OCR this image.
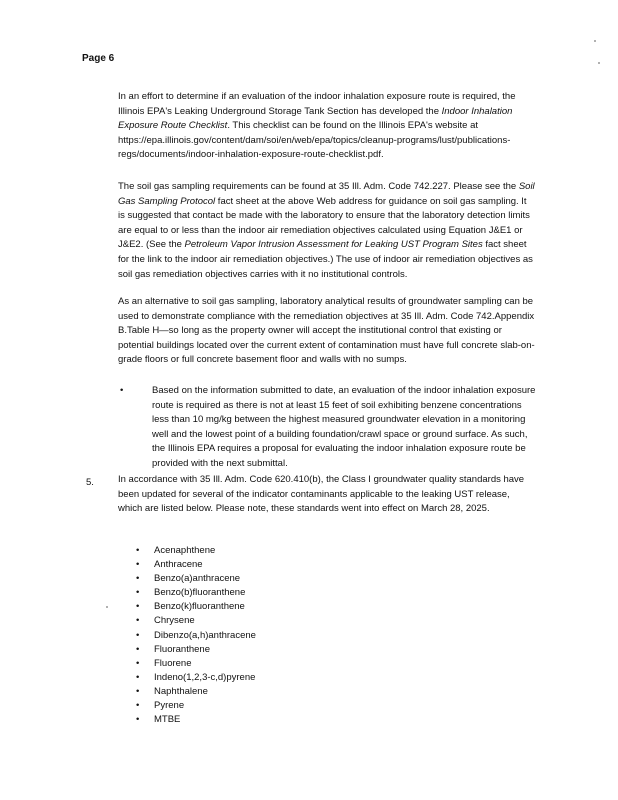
Page 6

In an effort to determine if an evaluation of the indoor inhalation exposure route is required, the Illinois EPA's Leaking Underground Storage Tank Section has developed the Indoor Inhalation Exposure Route Checklist. This checklist can be found on the Illinois EPA's website at https://epa.illinois.gov/content/dam/soi/en/web/epa/topics/cleanup-programs/lust/publications-regs/documents/indoor-inhalation-exposure-route-checklist.pdf.

The soil gas sampling requirements can be found at 35 Ill. Adm. Code 742.227. Please see the Soil Gas Sampling Protocol fact sheet at the above Web address for guidance on soil gas sampling. It is suggested that contact be made with the laboratory to ensure that the laboratory detection limits are equal to or less than the indoor air remediation objectives calculated using Equation J&E1 or J&E2. (See the Petroleum Vapor Intrusion Assessment for Leaking UST Program Sites fact sheet for the link to the indoor air remediation objectives.) The use of indoor air remediation objectives as soil gas remediation objectives carries with it no institutional controls.

As an alternative to soil gas sampling, laboratory analytical results of groundwater sampling can be used to demonstrate compliance with the remediation objectives at 35 Ill. Adm. Code 742.Appendix B.Table H—so long as the property owner will accept the institutional control that existing or potential buildings located over the current extent of contamination must have full concrete slab-on-grade floors or full concrete basement floor and walls with no sumps.

•	Based on the information submitted to date, an evaluation of the indoor inhalation exposure route is required as there is not at least 15 feet of soil exhibiting benzene concentrations less than 10 mg/kg between the highest measured groundwater elevation in a monitoring well and the lowest point of a building foundation/crawl space or ground surface. As such, the Illinois EPA requires a proposal for evaluating the indoor inhalation exposure route be provided with the next submittal.
5.	In accordance with 35 Ill. Adm. Code 620.410(b), the Class I groundwater quality standards have been updated for several of the indicator contaminants applicable to the leaking UST release, which are listed below. Please note, these standards went into effect on March 28, 2025.

• Acenaphthene
• Anthracene
• Benzo(a)anthracene
• Benzo(b)fluoranthene
• Benzo(k)fluoranthene
• Chrysene
• Dibenzo(a,h)anthracene
• Fluoranthene
• Fluorene
• Indeno(1,2,3-c,d)pyrene
• Naphthalene
• Pyrene
• MTBE
